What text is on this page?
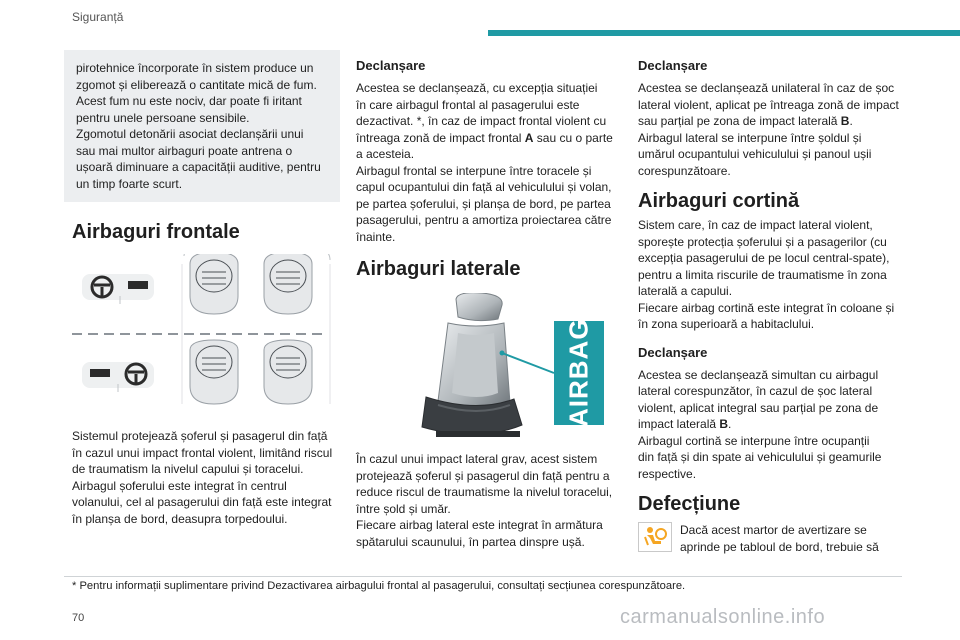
Siguranță

pirotehnice încorporate în sistem produce un

zgomot și eliberează o cantitate mică de fum.

Acest fum nu este nociv, dar poate fi iritant

pentru unele persoane sensibile.

Zgomotul detonării asociat declanșării unui

sau mai multor airbaguri poate antrena o

ușoară diminuare a capacității auditive, pentru

un timp foarte scurt.

Airbaguri frontale

Sistemul protejează șoferul și pasagerul din față

în cazul unui impact frontal violent, limitând riscul

de traumatism la nivelul capului și toracelui.

Airbagul șoferului este integrat în centrul

volanului, cel al pasagerului din față este integrat

în planșa de bord, deasupra torpedoului.

Declanșare

Acestea se declanșează, cu excepția situației

în care airbagul frontal al pasagerului este

dezactivat. *, în caz de impact frontal violent cu

întreaga zonă de impact frontal A sau cu o parte

a acesteia.

Airbagul frontal se interpune între toracele și

capul ocupantului din față al vehiculului și volan,

pe partea șoferului, și planșa de bord, pe partea

pasagerului, pentru a amortiza proiectarea către

înainte.

Airbaguri laterale
AIRBAG

În cazul unui impact lateral grav, acest sistem

protejează șoferul și pasagerul din față pentru a

reduce riscul de traumatisme la nivelul toracelui,

între șold și umăr.

Fiecare airbag lateral este integrat în armătura

spătarului scaunului, în partea dinspre ușă.

Declanșare

Acestea se declanșează unilateral în caz de șoc

lateral violent, aplicat pe întreaga zonă de impact

sau parțial pe zona de impact laterală B.

Airbagul lateral se interpune între șoldul și

umărul ocupantului vehiculului și panoul ușii

corespunzătoare.

Airbaguri cortină

Sistem care, în caz de impact lateral violent,

sporește protecția șoferului și a pasagerilor (cu

excepția pasagerului de pe locul central-spate),

pentru a limita riscurile de traumatisme în zona

laterală a capului.

Fiecare airbag cortină este integrat în coloane și

în zona superioară a habitaclului.

Declanșare

Acestea se declanșează simultan cu airbagul

lateral corespunzător, în cazul de șoc lateral

violent, aplicat integral sau parțial pe zona de

impact laterală B.

Airbagul cortină se interpune între ocupanții

din față și din spate ai vehiculului și geamurile

respective.

Defecțiune

Dacă acest martor de avertizare se

aprinde pe tabloul de bord, trebuie să

* Pentru informații suplimentare privind Dezactivarea airbagului frontal al pasagerului, consultați secțiunea corespunzătoare.
70	carmanualsonline.info
